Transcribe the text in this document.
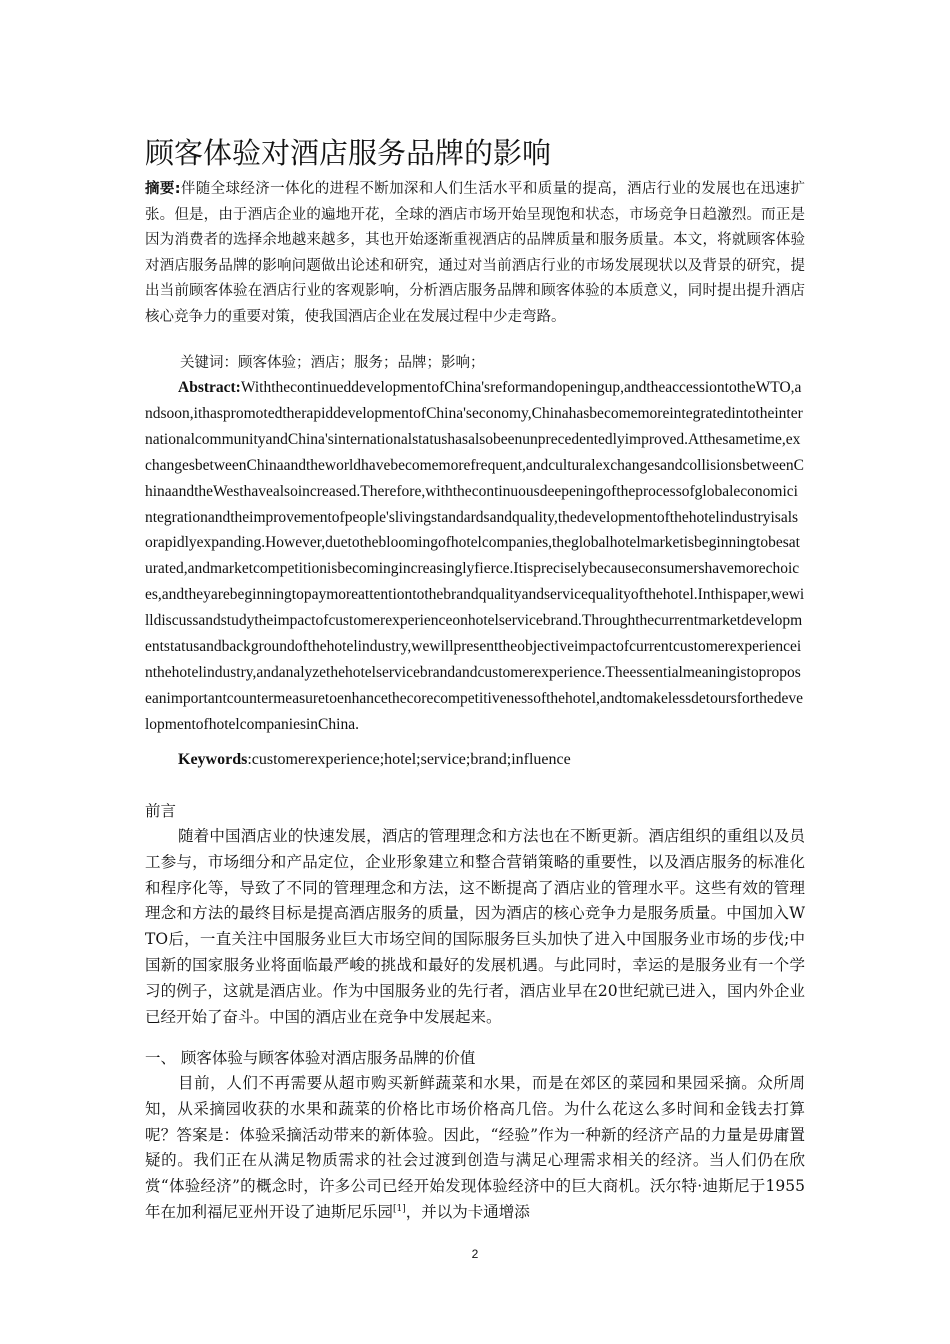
顾客体验对酒店服务品牌的影响
摘要:伴随全球经济一体化的进程不断加深和人们生活水平和质量的提高，酒店行业的发展也在迅速扩张。但是，由于酒店企业的遍地开花，全球的酒店市场开始呈现饱和状态，市场竞争日趋激烈。而正是因为消费者的选择余地越来越多，其也开始逐渐重视酒店的品牌质量和服务质量。本文，将就顾客体验对酒店服务品牌的影响问题做出论述和研究，通过对当前酒店行业的市场发展现状以及背景的研究，提出当前顾客体验在酒店行业的客观影响，分析酒店服务品牌和顾客体验的本质意义，同时提出提升酒店核心竞争力的重要对策，使我国酒店企业在发展过程中少走弯路。
关键词：顾客体验；酒店；服务；品牌；影响；
Abstract:WiththecontinueddevelopmentofChina'sreformandopeningup,andtheaccessiontotheWTO,andsoon,ithaspromotedtherapiddevelopmentofChina'seconomy,ChinahasbecomemoreintegratedintotheinternationalcommunityandChina'sinternationalstatushasalsobeenunprecedentedlyimproved.Atthesametime,exchangesbetweenChinaandtheworldhavebecomemorefrequent,andculturalexchangesandcollisionsbetweenChinaandtheWesthavealsoincreased.Therefore,withthecontinuousdeepeningoftheprocessofglobaleconomicintegrationandtheimprovementofpeople'slivingstandardsandquality,thedevelopmentofthehotelindustryisalsorapidlyexpanding.However,duetothebloomingofhotelcompanies,theglobalhotelmarketisbeginningtobesaturated,andmarketcompetitionisbecomingincreasinglyfierce.Itispreciselybecauseconsumershavemorechoices,andtheyarebeginningtopaymoreattentiontothebrandqualityandservicequalityofthehotel.Inthispaper,wewilldiscussandstudytheimpactofcustomerexperienceonhotelservicebrand.Throughthecurrentmarketdevelopmentstatusandbackgroundofthehotelindustry,wewillpresenttheobjectiveimpactofcurrentcustomerexperienceinthehotelindustry,andanalyzethehotelservicebrandandcustomerexperience.Theessentialmeaningistoproposeanimportantcountermeasuretoenhancethecorecompetitivenessofthehotel,andtomakelessdetoursforthedevelopmentofhotelcompaniesinChina.
Keywords:customerexperience;hotel;service;brand;influence
前言
随着中国酒店业的快速发展，酒店的管理理念和方法也在不断更新。酒店组织的重组以及员工参与，市场细分和产品定位，企业形象建立和整合营销策略的重要性，以及酒店服务的标准化和程序化等，导致了不同的管理理念和方法，这不断提高了酒店业的管理水平。这些有效的管理理念和方法的最终目标是提高酒店服务的质量，因为酒店的核心竞争力是服务质量。中国加入WTO后，一直关注中国服务业巨大市场空间的国际服务巨头加快了进入中国服务业市场的步伐;中国新的国家服务业将面临最严峻的挑战和最好的发展机遇。与此同时，幸运的是服务业有一个学习的例子，这就是酒店业。作为中国服务业的先行者，酒店业早在20世纪就已进入，国内外企业已经开始了奋斗。中国的酒店业在竞争中发展起来。
一、 顾客体验与顾客体验对酒店服务品牌的价值
目前，人们不再需要从超市购买新鲜蔬菜和水果，而是在郊区的菜园和果园采摘。众所周知，从采摘园收获的水果和蔬菜的价格比市场价格高几倍。为什么花这么多时间和金钱去打算呢？答案是：体验采摘活动带来的新体验。因此，“经验”作为一种新的经济产品的力量是毋庸置疑的。我们正在从满足物质需求的社会过渡到创造与满足心理需求相关的经济。当人们仍在欣赏“体验经济”的概念时，许多公司已经开始发现体验经济中的巨大商机。沃尔特·迪斯尼于1955年在加利福尼亚州开设了迪斯尼乐园[1]，并以为卡通增添
2
